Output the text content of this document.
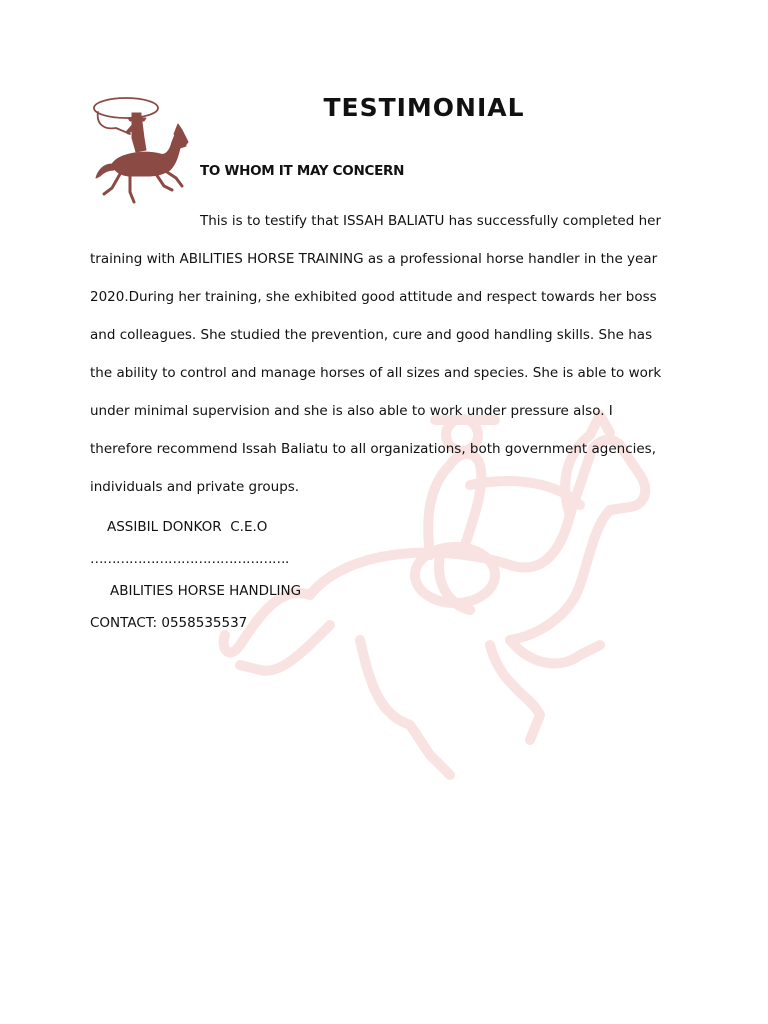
TESTIMONIAL
TO WHOM IT MAY CONCERN

This is to testify that ISSAH BALIATU has successfully completed her training with ABILITIES HORSE TRAINING as a professional horse handler in the year 2020.During her training, she exhibited good attitude and respect towards her boss and colleagues. She studied the prevention, cure and good handling skills. She has the ability to control and manage horses of all sizes and species. She is able to work under minimal supervision and she is also able to work under pressure also. I therefore recommend Issah Baliatu to all organizations, both government agencies, individuals and private groups.

ASSIBIL DONKOR  C.E.O

……………………………………….

ABILITIES HORSE HANDLING

CONTACT: 0558535537
